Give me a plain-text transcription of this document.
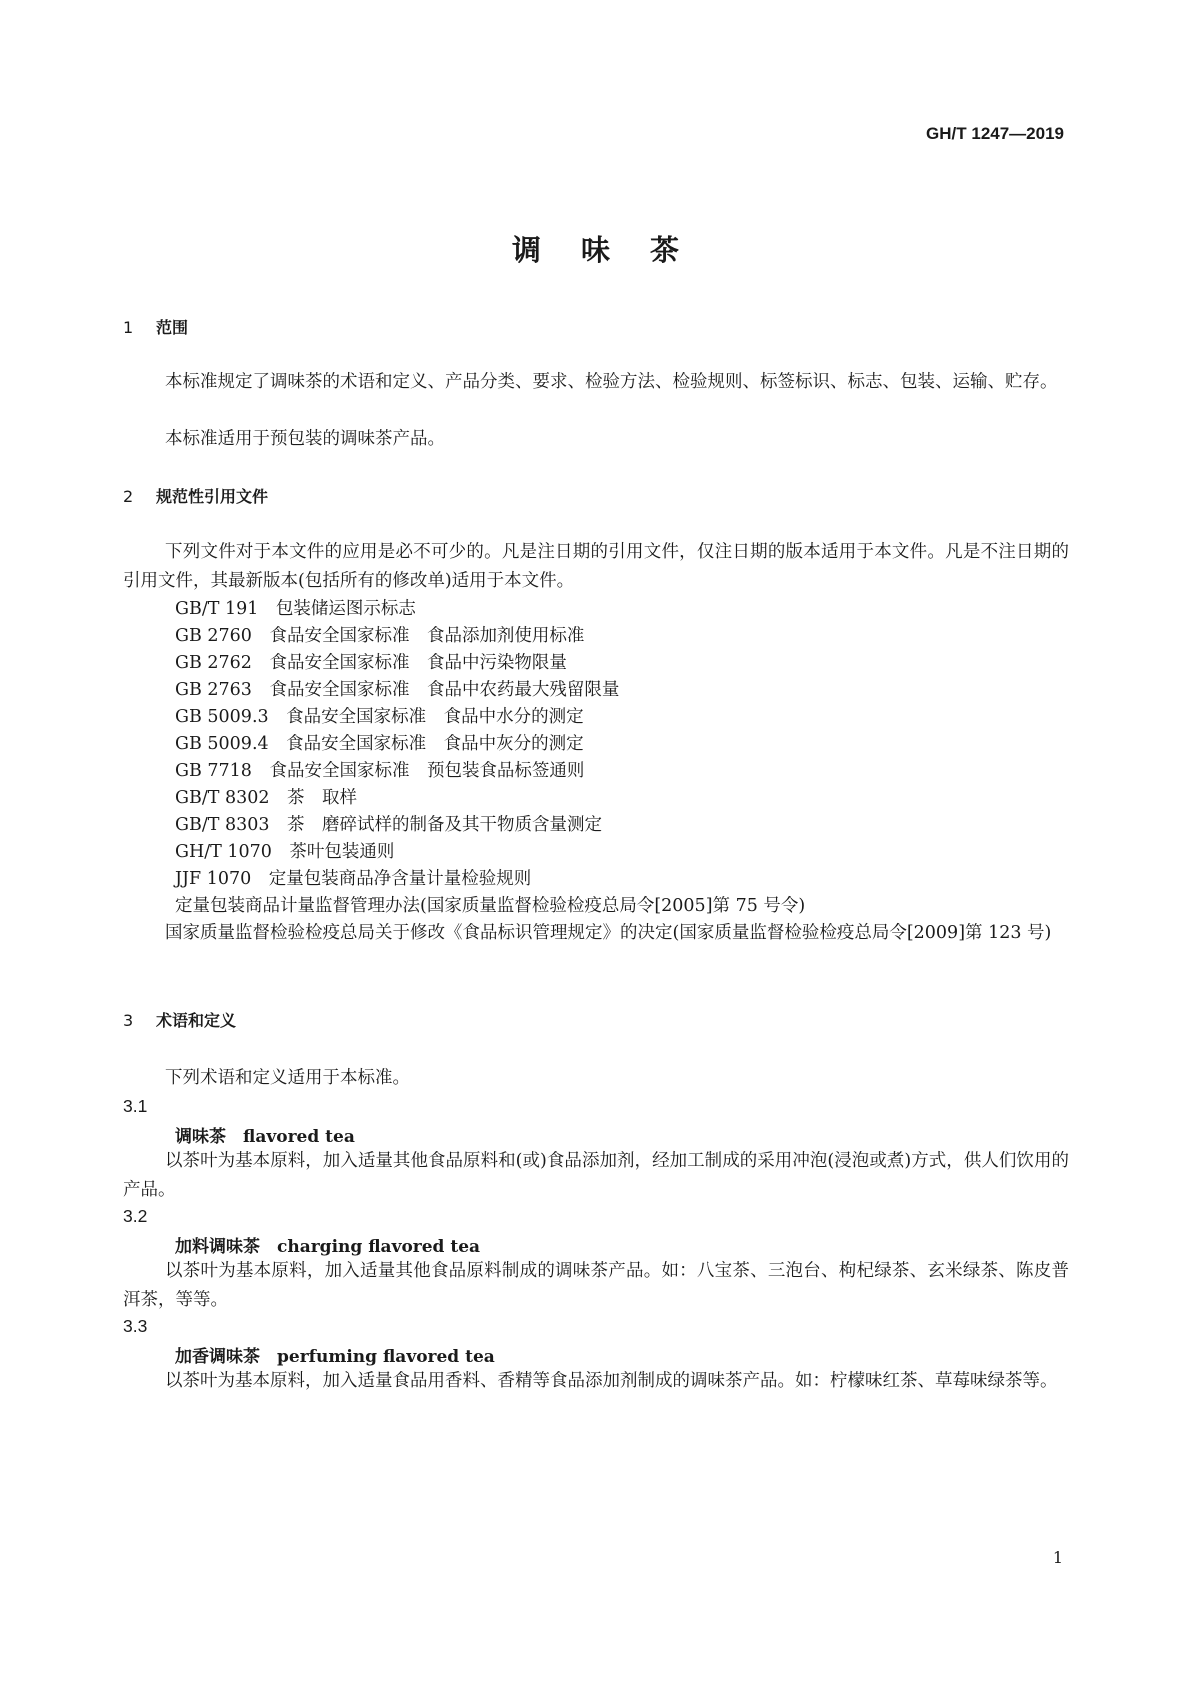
GH/T 1247—2019
调味茶
1 范围
本标准规定了调味茶的术语和定义、产品分类、要求、检验方法、检验规则、标签标识、标志、包装、运输、贮存。
本标准适用于预包装的调味茶产品。
2 规范性引用文件
下列文件对于本文件的应用是必不可少的。凡是注日期的引用文件，仅注日期的版本适用于本文件。凡是不注日期的引用文件，其最新版本(包括所有的修改单)适用于本文件。
GB/T 191　包装储运图示标志
GB 2760　食品安全国家标准　食品添加剂使用标准
GB 2762　食品安全国家标准　食品中污染物限量
GB 2763　食品安全国家标准　食品中农药最大残留限量
GB 5009.3　食品安全国家标准　食品中水分的测定
GB 5009.4　食品安全国家标准　食品中灰分的测定
GB 7718　食品安全国家标准　预包装食品标签通则
GB/T 8302　茶　取样
GB/T 8303　茶　磨碎试样的制备及其干物质含量测定
GH/T 1070　茶叶包装通则
JJF 1070　定量包装商品净含量计量检验规则
定量包装商品计量监督管理办法(国家质量监督检验检疫总局令[2005]第 75 号令)
国家质量监督检验检疫总局关于修改《食品标识管理规定》的决定(国家质量监督检验检疫总局令[2009]第 123 号)
3 术语和定义
下列术语和定义适用于本标准。
3.1
调味茶　flavored tea
以茶叶为基本原料，加入适量其他食品原料和(或)食品添加剂，经加工制成的采用冲泡(浸泡或煮)方式，供人们饮用的产品。
3.2
加料调味茶　charging flavored tea
以茶叶为基本原料，加入适量其他食品原料制成的调味茶产品。如：八宝茶、三泡台、枸杞绿茶、玄米绿茶、陈皮普洱茶，等等。
3.3
加香调味茶　perfuming flavored tea
以茶叶为基本原料，加入适量食品用香料、香精等食品添加剂制成的调味茶产品。如：柠檬味红茶、草莓味绿茶等。
1
